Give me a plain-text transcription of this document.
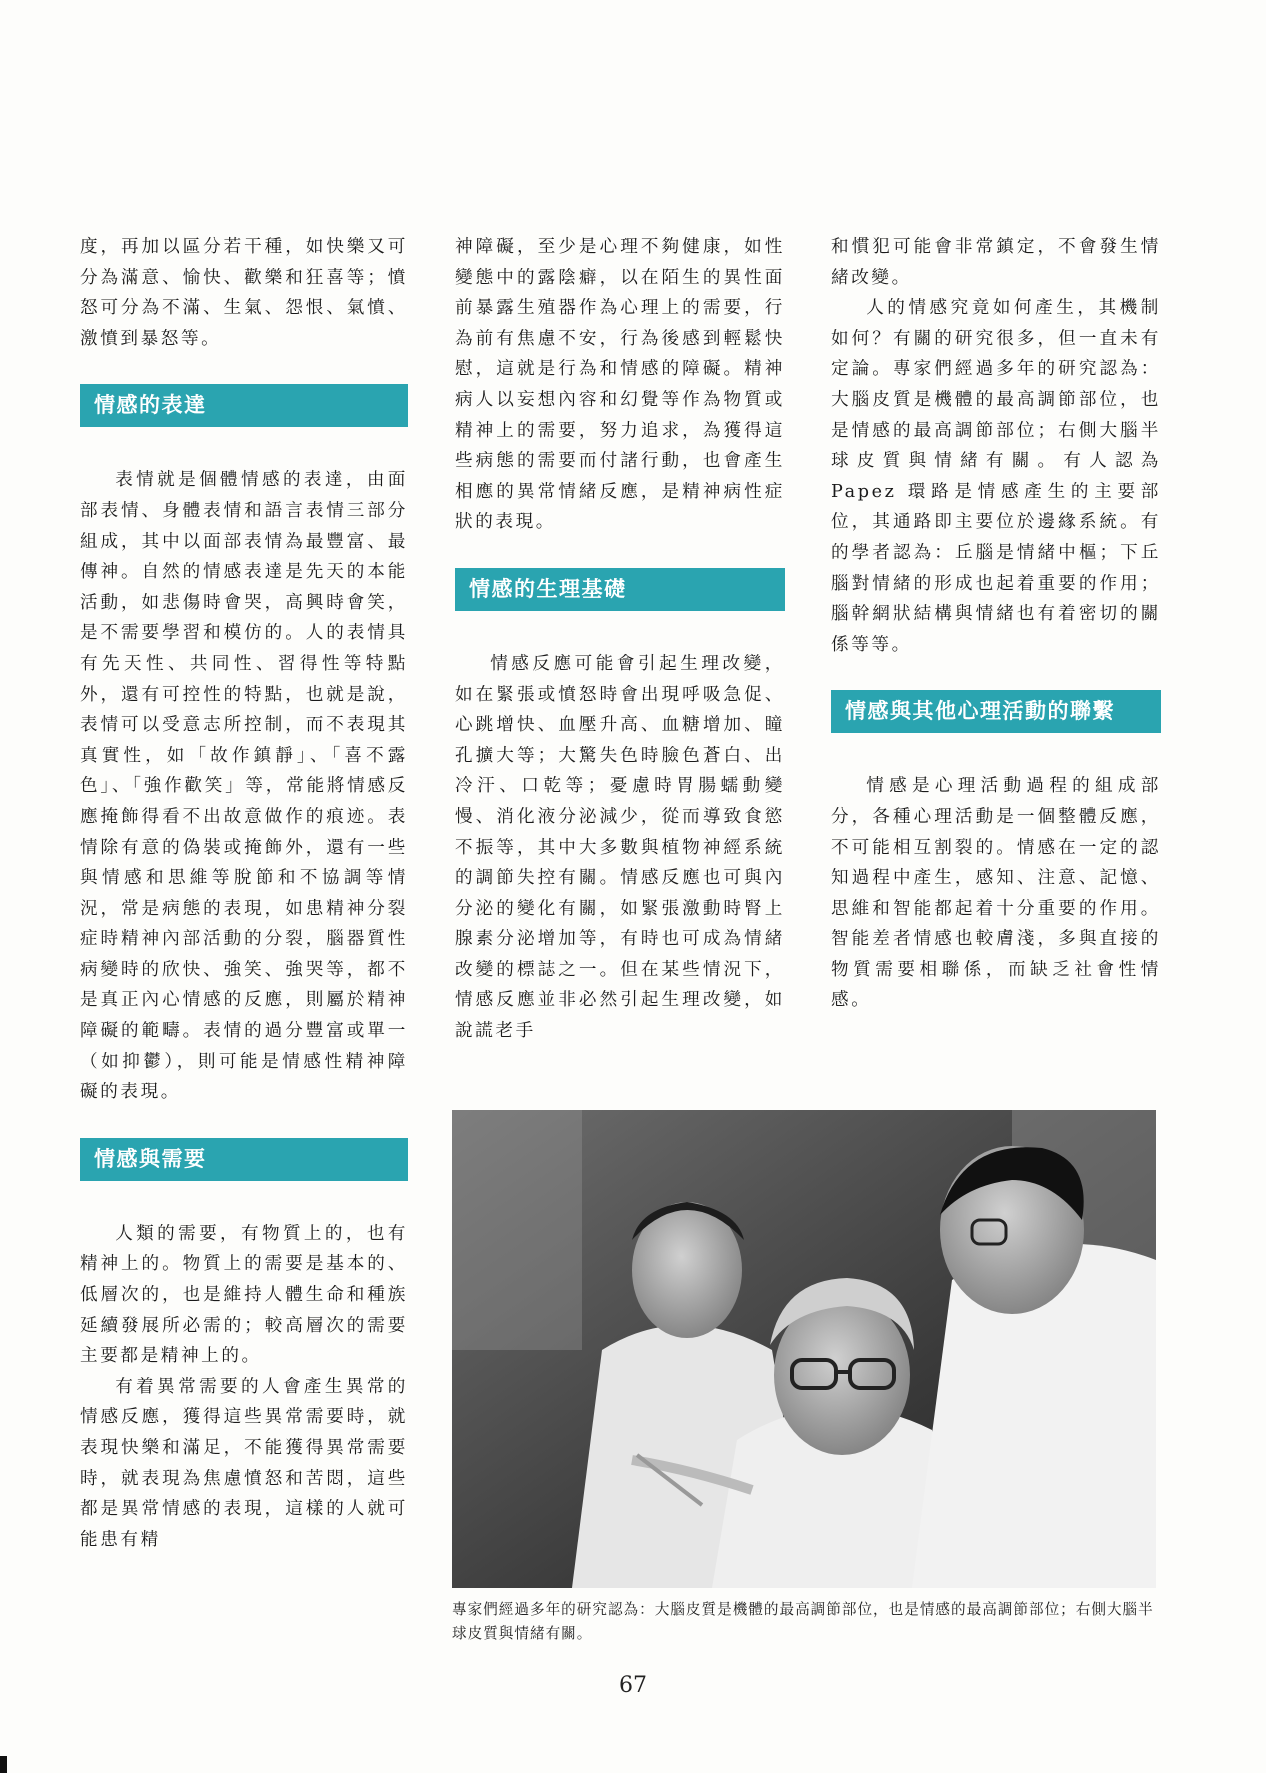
度，再加以區分若干種，如快樂又可分為滿意、愉快、歡樂和狂喜等；憤怒可分為不滿、生氣、怨恨、氣憤、激憤到暴怒等。

情感的表達

表情就是個體情感的表達，由面部表情、身體表情和語言表情三部分組成，其中以面部表情為最豐富、最傳神。自然的情感表達是先天的本能活動，如悲傷時會哭，高興時會笑，是不需要學習和模仿的。人的表情具有先天性、共同性、習得性等特點外，還有可控性的特點，也就是說，表情可以受意志所控制，而不表現其真實性，如「故作鎮靜」、「喜不露色」、「強作歡笑」等，常能將情感反應掩飾得看不出故意做作的痕迹。表情除有意的偽裝或掩飾外，還有一些與情感和思維等脫節和不協調等情況，常是病態的表現，如患精神分裂症時精神內部活動的分裂，腦器質性病變時的欣快、強笑、強哭等，都不是真正內心情感的反應，則屬於精神障礙的範疇。表情的過分豐富或單一（如抑鬱），則可能是情感性精神障礙的表現。

情感與需要

人類的需要，有物質上的，也有精神上的。物質上的需要是基本的、低層次的，也是維持人體生命和種族延續發展所必需的；較高層次的需要主要都是精神上的。

有着異常需要的人會產生異常的情感反應，獲得這些異常需要時，就表現快樂和滿足，不能獲得異常需要時，就表現為焦慮憤怒和苦悶，這些都是異常情感的表現，這樣的人就可能患有精

神障礙，至少是心理不夠健康，如性變態中的露陰癖，以在陌生的異性面前暴露生殖器作為心理上的需要，行為前有焦慮不安，行為後感到輕鬆快慰，這就是行為和情感的障礙。精神病人以妄想內容和幻覺等作為物質或精神上的需要，努力追求，為獲得這些病態的需要而付諸行動，也會產生相應的異常情緒反應，是精神病性症狀的表現。

情感的生理基礎

情感反應可能會引起生理改變，如在緊張或憤怒時會出現呼吸急促、心跳增快、血壓升高、血糖增加、瞳孔擴大等；大驚失色時臉色蒼白、出冷汗、口乾等；憂慮時胃腸蠕動變慢、消化液分泌減少，從而導致食慾不振等，其中大多數與植物神經系統的調節失控有關。情感反應也可與內分泌的變化有關，如緊張激動時腎上腺素分泌增加等，有時也可成為情緒改變的標誌之一。但在某些情況下，情感反應並非必然引起生理改變，如說謊老手

和慣犯可能會非常鎮定，不會發生情緒改變。

人的情感究竟如何產生，其機制如何？有關的研究很多，但一直未有定論。專家們經過多年的研究認為：大腦皮質是機體的最高調節部位，也是情感的最高調節部位；右側大腦半球皮質與情緒有關。有人認為 Papez 環路是情感產生的主要部位，其通路即主要位於邊緣系統。有的學者認為：丘腦是情緒中樞；下丘腦對情緒的形成也起着重要的作用；腦幹網狀結構與情緒也有着密切的關係等等。

情感與其他心理活動的聯繫

情感是心理活動過程的組成部分，各種心理活動是一個整體反應，不可能相互割裂的。情感在一定的認知過程中產生，感知、注意、記憶、思維和智能都起着十分重要的作用。智能差者情感也較膚淺，多與直接的物質需要相聯係，而缺乏社會性情感。

專家們經過多年的研究認為：大腦皮質是機體的最高調節部位，也是情感的最高調節部位；右側大腦半球皮質與情緒有關。
67
